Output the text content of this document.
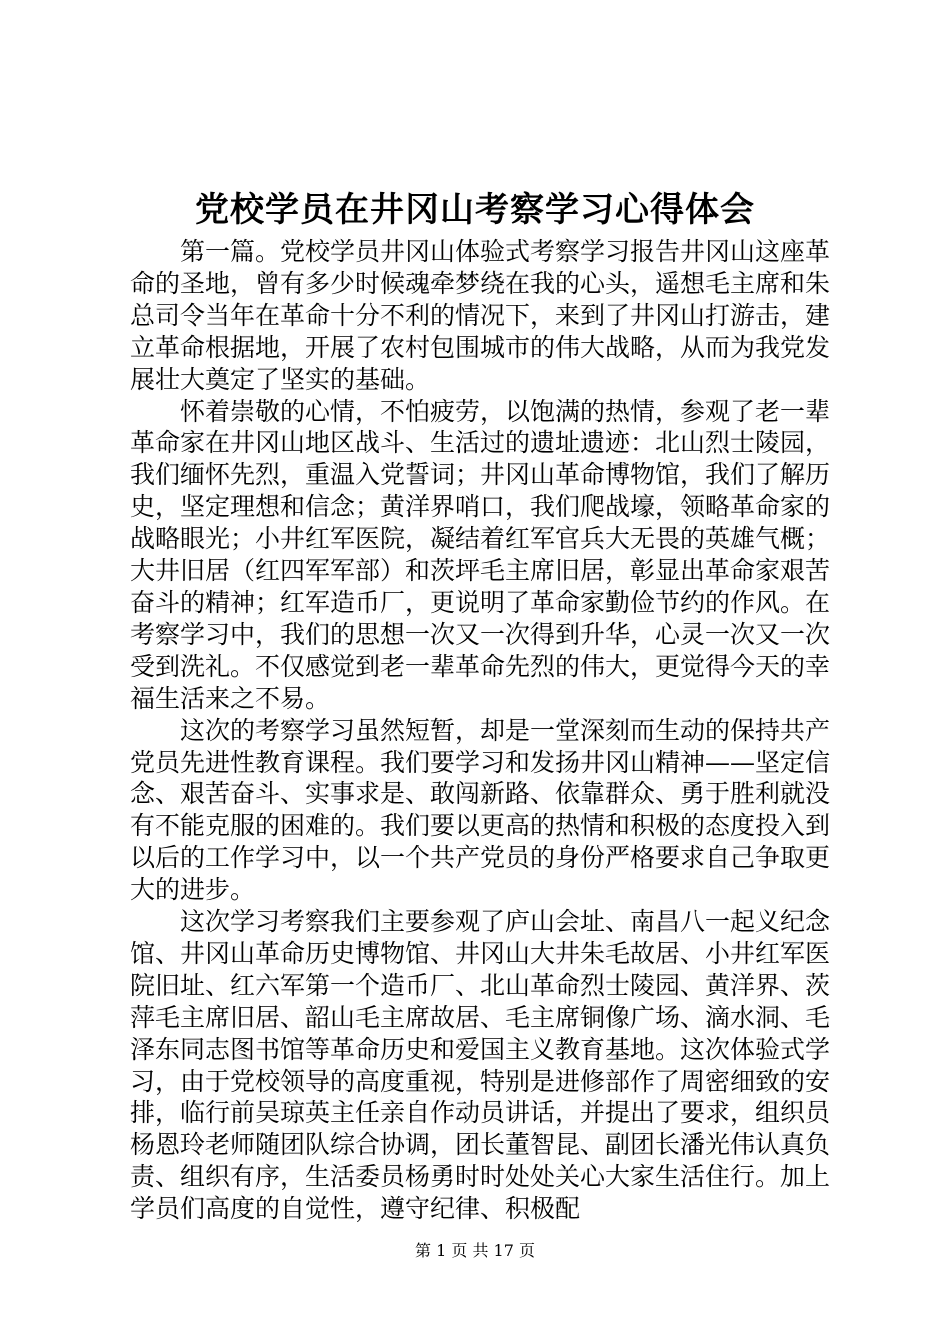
党校学员在井冈山考察学习心得体会

第一篇。党校学员井冈山体验式考察学习报告井冈山这座革命的圣地，曾有多少时候魂牵梦绕在我的心头，遥想毛主席和朱总司令当年在革命十分不利的情况下，来到了井冈山打游击，建立革命根据地，开展了农村包围城市的伟大战略，从而为我党发展壮大奠定了坚实的基础。

怀着崇敬的心情，不怕疲劳，以饱满的热情，参观了老一辈革命家在井冈山地区战斗、生活过的遗址遗迹：北山烈士陵园，我们缅怀先烈，重温入党誓词；井冈山革命博物馆，我们了解历史，坚定理想和信念；黄洋界哨口，我们爬战壕，领略革命家的战略眼光；小井红军医院，凝结着红军官兵大无畏的英雄气概；大井旧居（红四军军部）和茨坪毛主席旧居，彰显出革命家艰苦奋斗的精神；红军造币厂，更说明了革命家勤俭节约的作风。在考察学习中，我们的思想一次又一次得到升华，心灵一次又一次受到洗礼。不仅感觉到老一辈革命先烈的伟大，更觉得今天的幸福生活来之不易。

这次的考察学习虽然短暂，却是一堂深刻而生动的保持共产党员先进性教育课程。我们要学习和发扬井冈山精神——坚定信念、艰苦奋斗、实事求是、敢闯新路、依靠群众、勇于胜利就没有不能克服的困难的。我们要以更高的热情和积极的态度投入到以后的工作学习中，以一个共产党员的身份严格要求自己争取更大的进步。

这次学习考察我们主要参观了庐山会址、南昌八一起义纪念馆、井冈山革命历史博物馆、井冈山大井朱毛故居、小井红军医院旧址、红六军第一个造币厂、北山革命烈士陵园、黄洋界、茨萍毛主席旧居、韶山毛主席故居、毛主席铜像广场、滴水洞、毛泽东同志图书馆等革命历史和爱国主义教育基地。这次体验式学习，由于党校领导的高度重视，特别是进修部作了周密细致的安排，临行前吴琼英主任亲自作动员讲话，并提出了要求，组织员杨恩玲老师随团队综合协调，团长董智昆、副团长潘光伟认真负责、组织有序，生活委员杨勇时时处处关心大家生活住行。加上学员们高度的自觉性，遵守纪律、积极配

第 1 页 共 17 页
